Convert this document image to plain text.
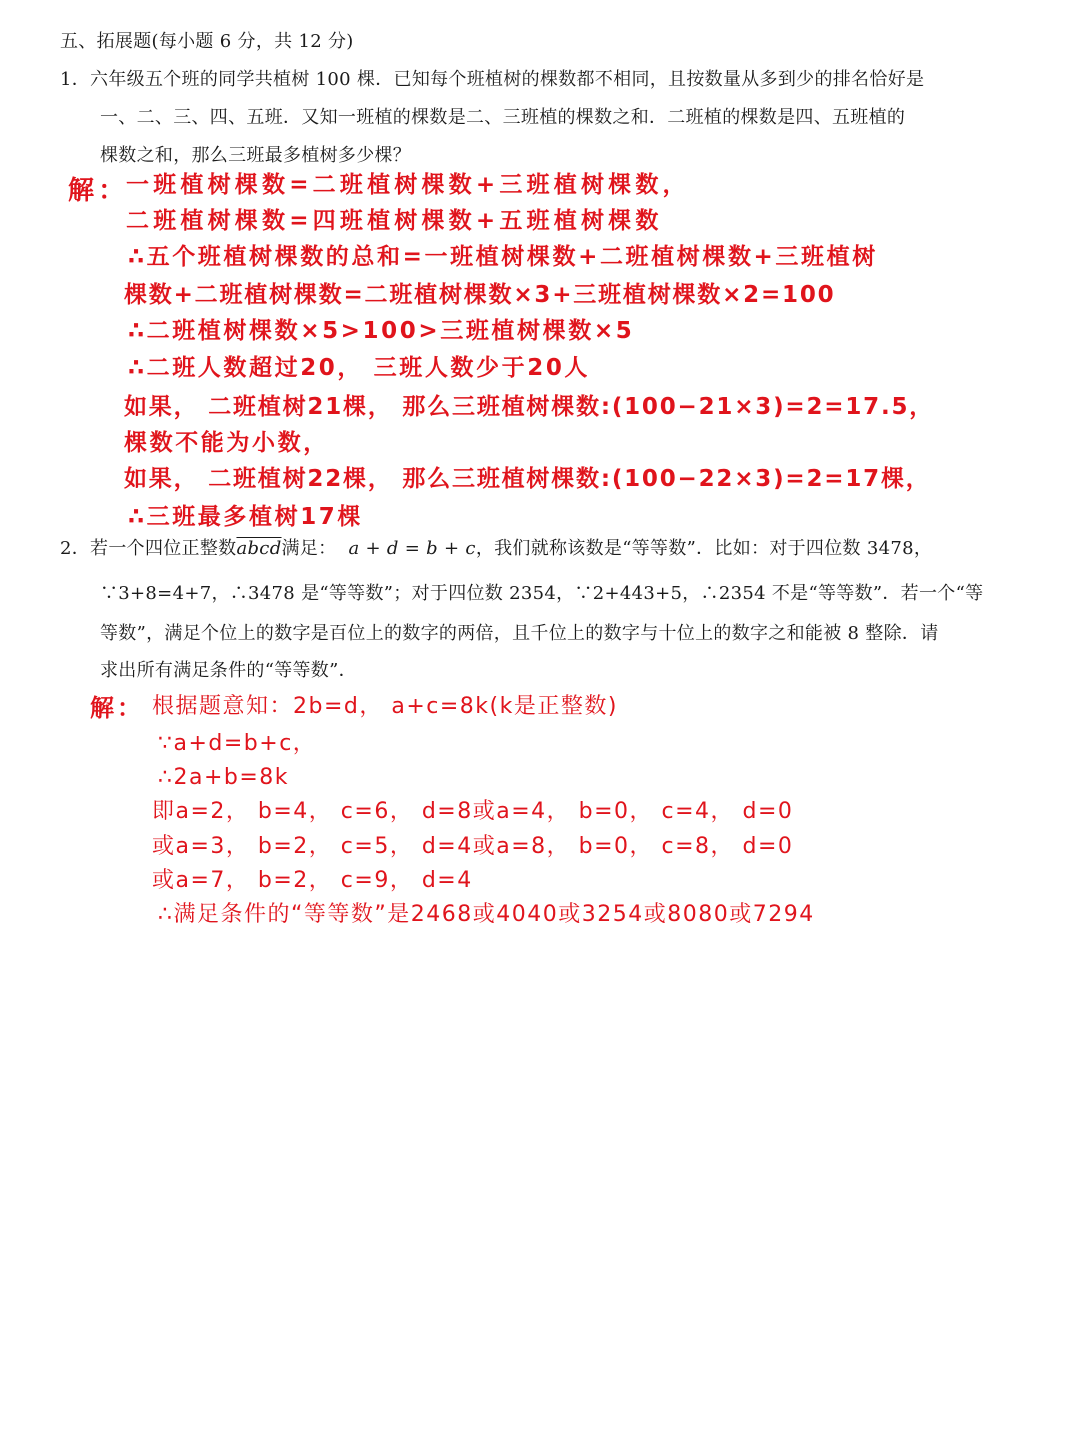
五、拓展题(每小题 6 分，共 12 分)
1．六年级五个班的同学共植树 100 棵．已知每个班植树的棵数都不相同，且按数量从多到少的排名恰好是
一、二、三、四、五班．又知一班植的棵数是二、三班植的棵数之和．二班植的棵数是四、五班植的
棵数之和，那么三班最多植树多少棵？
解：
一班植树棵数=二班植树棵数+三班植树棵数，
二班植树棵数=四班植树棵数+五班植树棵数
∴五个班植树棵数的总和=一班植树棵数+二班植树棵数+三班植树
棵数+二班植树棵数=二班植树棵数×3+三班植树棵数×2=100
∴二班植树棵数×5>100>三班植树棵数×5
∴二班人数超过20， 三班人数少于20人
如果， 二班植树21棵， 那么三班植树棵数:(100−21×3)=2=17.5，
棵数不能为小数，
如果， 二班植树22棵， 那么三班植树棵数:(100−22×3)=2=17棵，
∴三班最多植树17棵
2．若一个四位正整数abcd满足： a + d = b + c，我们就称该数是“等等数”．比如：对于四位数 3478，
∵3+8=4+7，∴3478 是“等等数”；对于四位数 2354，∵2+443+5，∴2354 不是“等等数”．若一个“等
等数”，满足个位上的数字是百位上的数字的两倍，且千位上的数字与十位上的数字之和能被 8 整除．请
求出所有满足条件的“等等数”．
解： 根据题意知：2b=d， a+c=8k(k是正整数)
∵a+d=b+c，
∴2a+b=8k
即a=2， b=4， c=6， d=8或a=4， b=0， c=4， d=0
或a=3， b=2， c=5， d=4或a=8， b=0， c=8， d=0
或a=7， b=2， c=9， d=4
∴满足条件的“等等数”是2468或4040或3254或8080或7294
